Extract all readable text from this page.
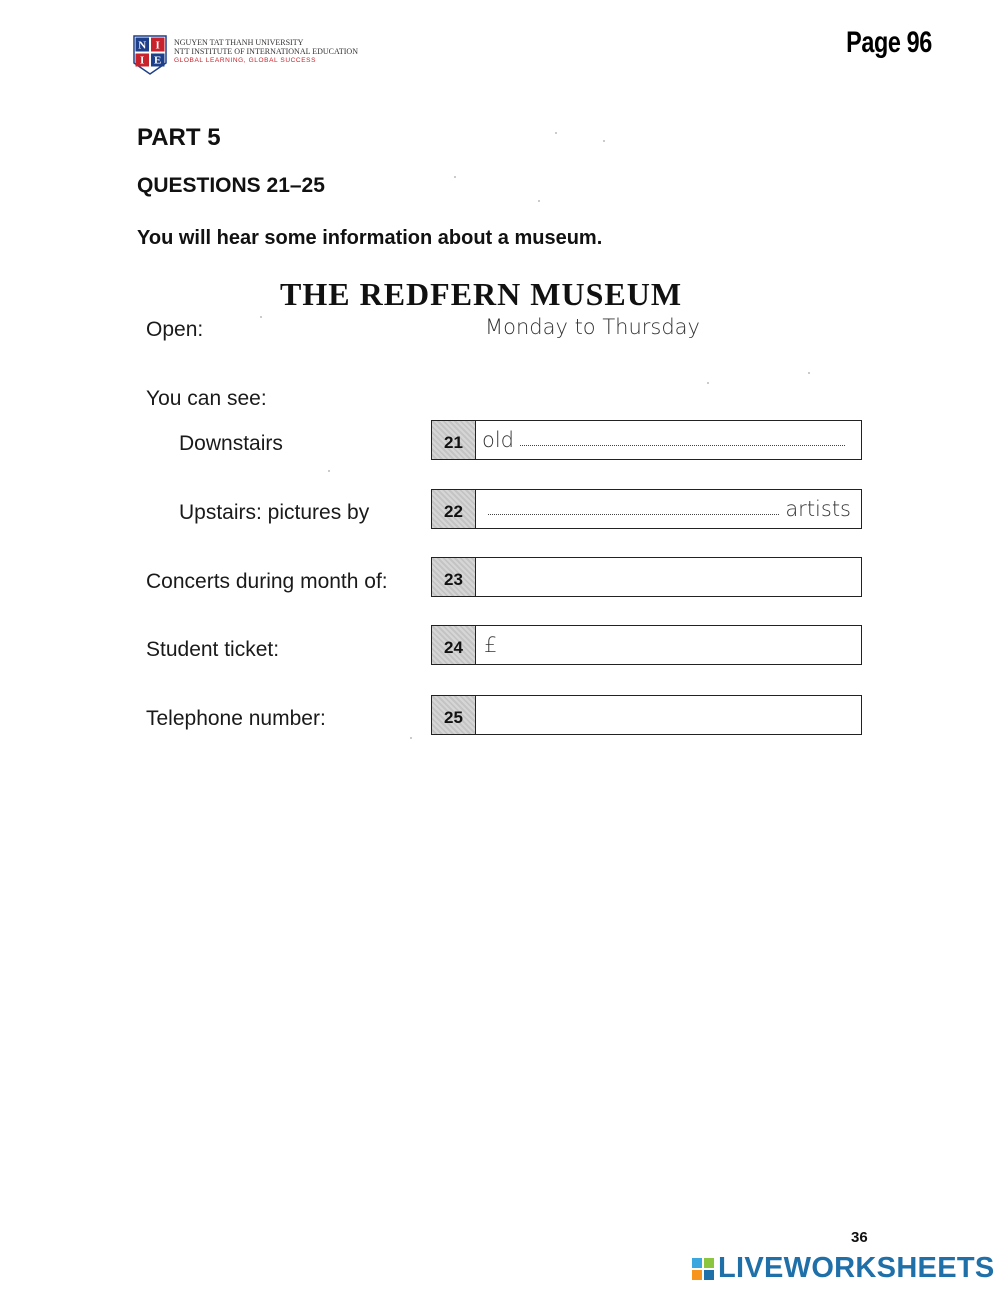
N I
I E
NGUYEN TAT THANH UNIVERSITY
NTT INSTITUTE OF INTERNATIONAL EDUCATION
GLOBAL LEARNING, GLOBAL SUCCESS
Page 96
PART 5
QUESTIONS 21–25
You will hear some information about a museum.
THE REDFERN MUSEUM
Open:	Monday to Thursday
You can see:
Downstairs	21 old
Upstairs: pictures by	22	artists
Concerts during month of:	23
Student ticket:	24	£
Telephone number:	25
36
LIVEWORKSHEETS
